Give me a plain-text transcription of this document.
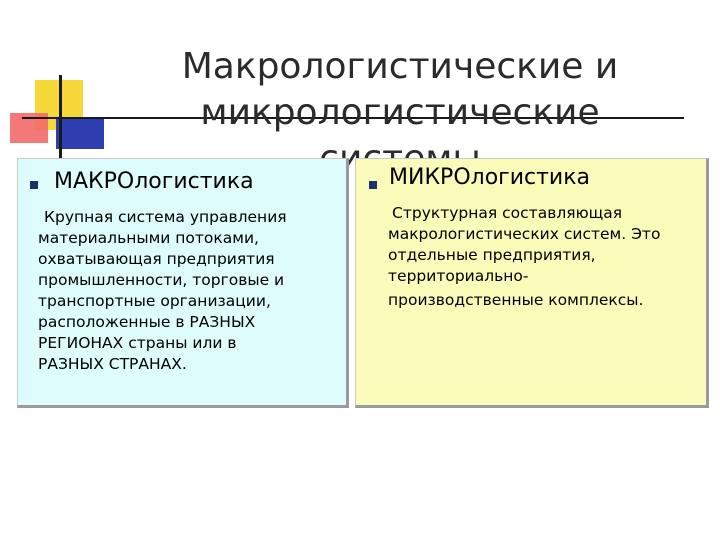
Макрологистические и
микрологистические
МАКРОлогистика
Крупная система управления
материальными потоками,
охватывающая предприятия
промышленности, торговые и
транспортные организации,
расположенные в РАЗНЫХ
РЕГИОНАХ страны или в
РАЗНЫХ СТРАНАХ.
МИКРОлогистика
Структурная составляющая
макрологистических систем. Это
отдельные предприятия,
территориально-
производственные комплексы.
